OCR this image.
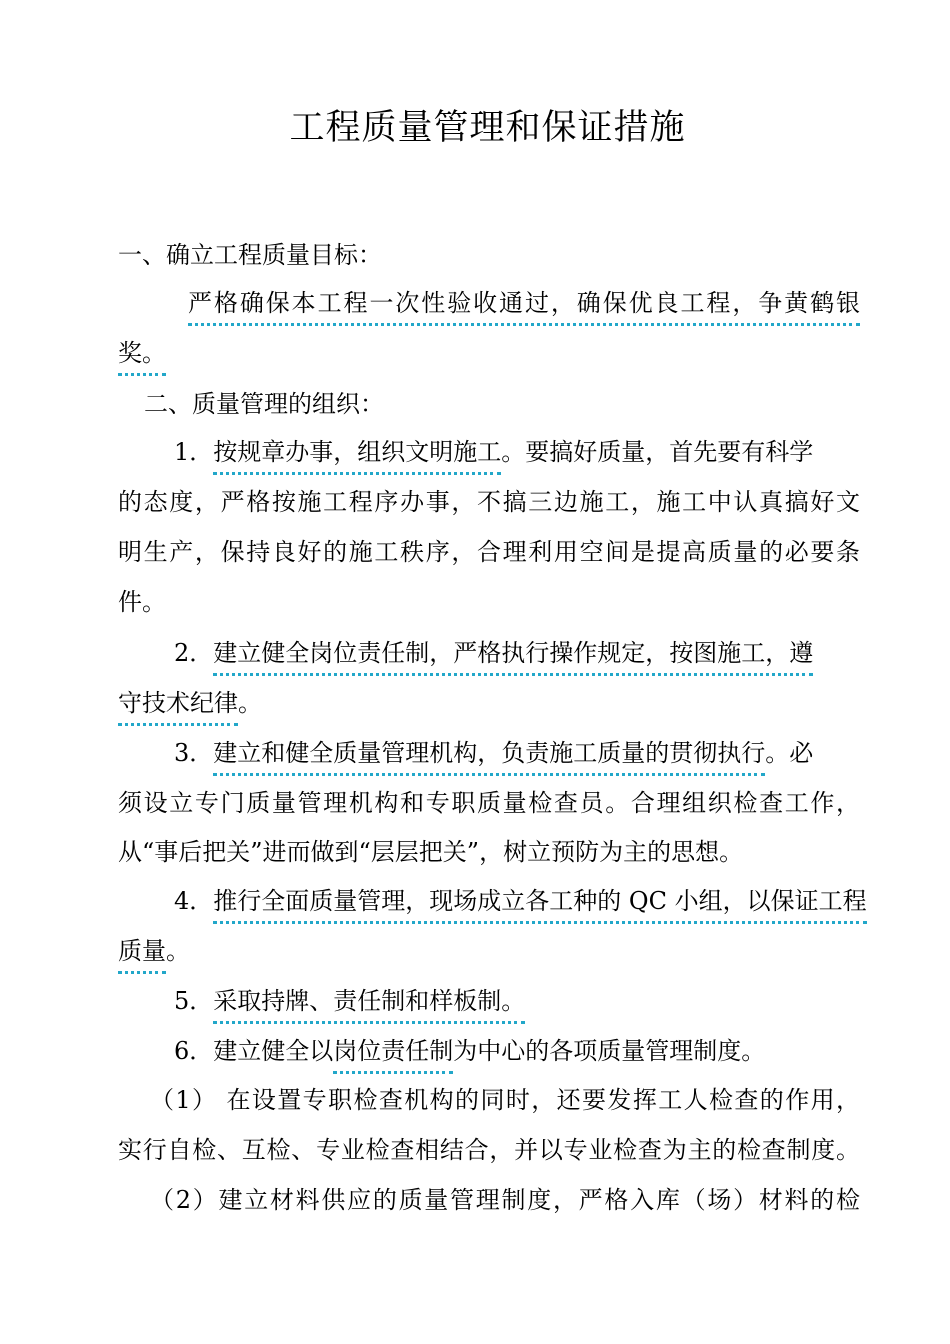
工程质量管理和保证措施
一、确立工程质量目标：
严格确保本工程一次性验收通过，确保优良工程，争黄鹤银
奖。
二、质量管理的组织：
1．按规章办事，组织文明施工。要搞好质量，首先要有科学
的态度，严格按施工程序办事，不搞三边施工，施工中认真搞好文
明生产，保持良好的施工秩序，合理利用空间是提高质量的必要条
件。
2．建立健全岗位责任制，严格执行操作规定，按图施工，遵
守技术纪律。
3．建立和健全质量管理机构，负责施工质量的贯彻执行。必
须设立专门质量管理机构和专职质量检查员。合理组织检查工作，
从“事后把关”进而做到“层层把关”，树立预防为主的思想。
4．推行全面质量管理，现场成立各工种的 QC 小组，以保证工程
质量。
5．采取持牌、责任制和样板制。
6．建立健全以岗位责任制为中心的各项质量管理制度。
（1） 在设置专职检查机构的同时，还要发挥工人检查的作用，
实行自检、互检、专业检查相结合，并以专业检查为主的检查制度。
（2）建立材料供应的质量管理制度，严格入库（场）材料的检
